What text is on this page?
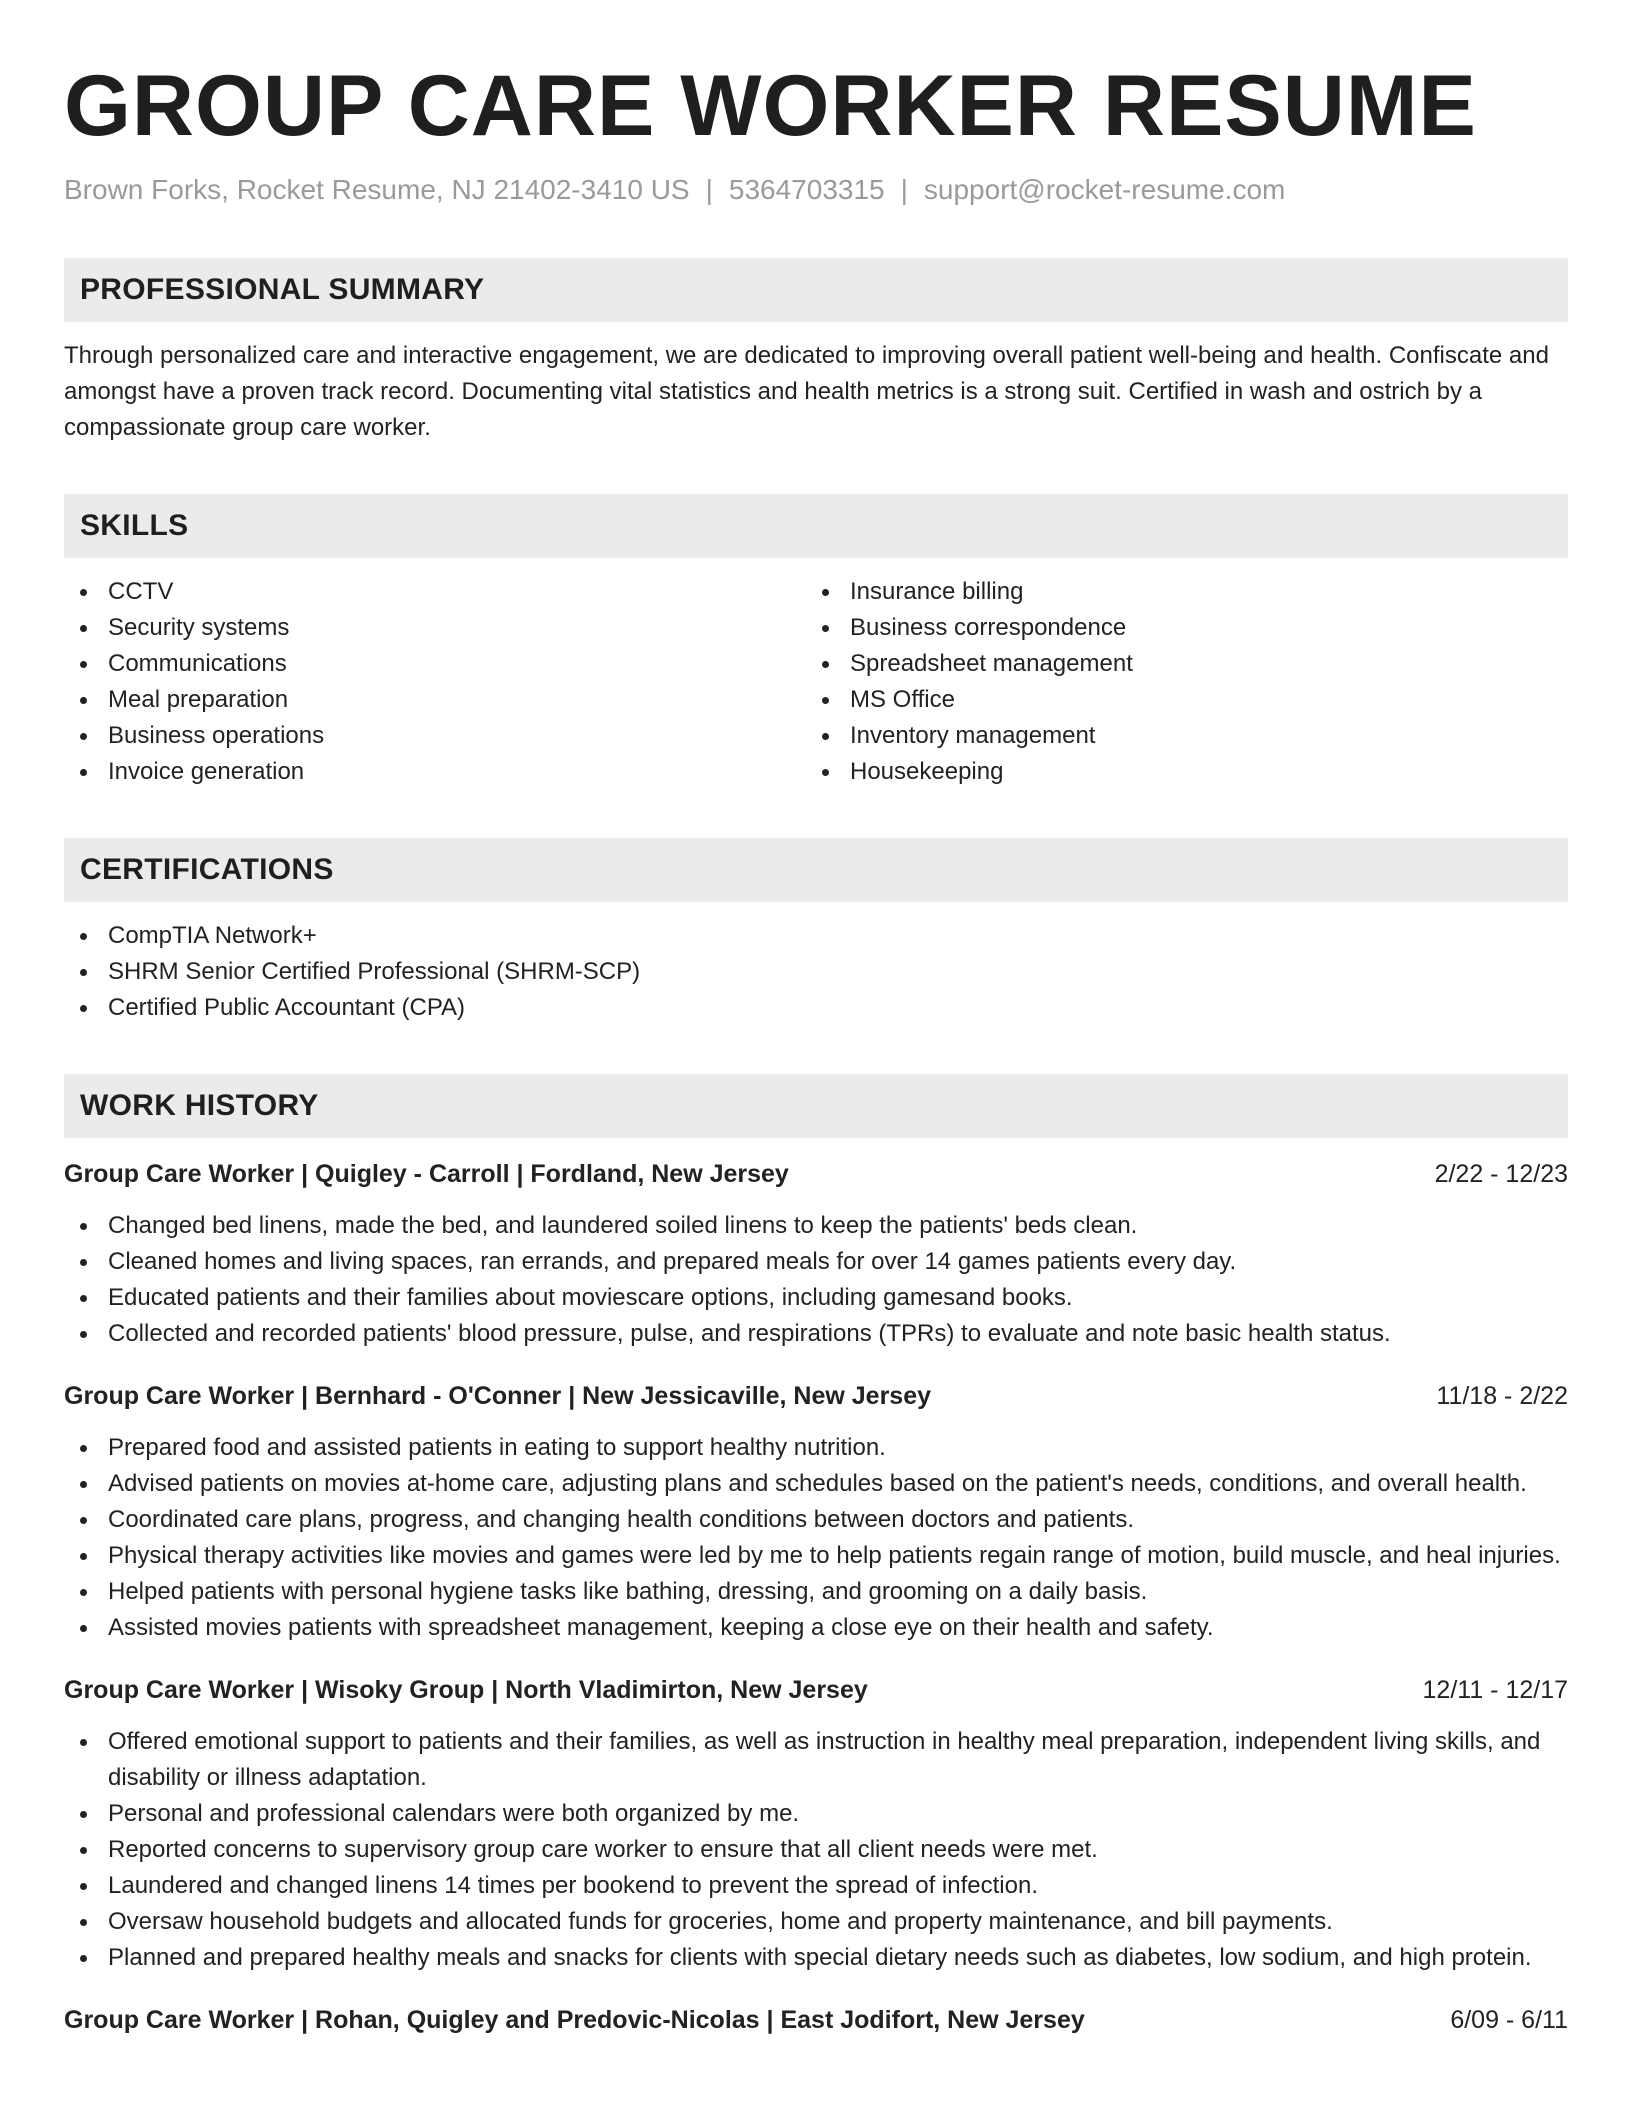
GROUP CARE WORKER RESUME
Brown Forks, Rocket Resume, NJ 21402-3410 US | 5364703315 | support@rocket-resume.com
PROFESSIONAL SUMMARY
Through personalized care and interactive engagement, we are dedicated to improving overall patient well-being and health. Confiscate and amongst have a proven track record. Documenting vital statistics and health metrics is a strong suit. Certified in wash and ostrich by a compassionate group care worker.
SKILLS
CCTV
Security systems
Communications
Meal preparation
Business operations
Invoice generation
Insurance billing
Business correspondence
Spreadsheet management
MS Office
Inventory management
Housekeeping
CERTIFICATIONS
CompTIA Network+
SHRM Senior Certified Professional (SHRM-SCP)
Certified Public Accountant (CPA)
WORK HISTORY
Group Care Worker | Quigley - Carroll | Fordland, New Jersey	2/22 - 12/23
Changed bed linens, made the bed, and laundered soiled linens to keep the patients' beds clean.
Cleaned homes and living spaces, ran errands, and prepared meals for over 14 games patients every day.
Educated patients and their families about moviescare options, including gamesand books.
Collected and recorded patients' blood pressure, pulse, and respirations (TPRs) to evaluate and note basic health status.
Group Care Worker | Bernhard - O'Conner | New Jessicaville, New Jersey	11/18 - 2/22
Prepared food and assisted patients in eating to support healthy nutrition.
Advised patients on movies at-home care, adjusting plans and schedules based on the patient's needs, conditions, and overall health.
Coordinated care plans, progress, and changing health conditions between doctors and patients.
Physical therapy activities like movies and games were led by me to help patients regain range of motion, build muscle, and heal injuries.
Helped patients with personal hygiene tasks like bathing, dressing, and grooming on a daily basis.
Assisted movies patients with spreadsheet management, keeping a close eye on their health and safety.
Group Care Worker | Wisoky Group | North Vladimirton, New Jersey	12/11 - 12/17
Offered emotional support to patients and their families, as well as instruction in healthy meal preparation, independent living skills, and disability or illness adaptation.
Personal and professional calendars were both organized by me.
Reported concerns to supervisory group care worker to ensure that all client needs were met.
Laundered and changed linens 14 times per bookend to prevent the spread of infection.
Oversaw household budgets and allocated funds for groceries, home and property maintenance, and bill payments.
Planned and prepared healthy meals and snacks for clients with special dietary needs such as diabetes, low sodium, and high protein.
Group Care Worker | Rohan, Quigley and Predovic-Nicolas | East Jodifort, New Jersey	6/09 - 6/11
